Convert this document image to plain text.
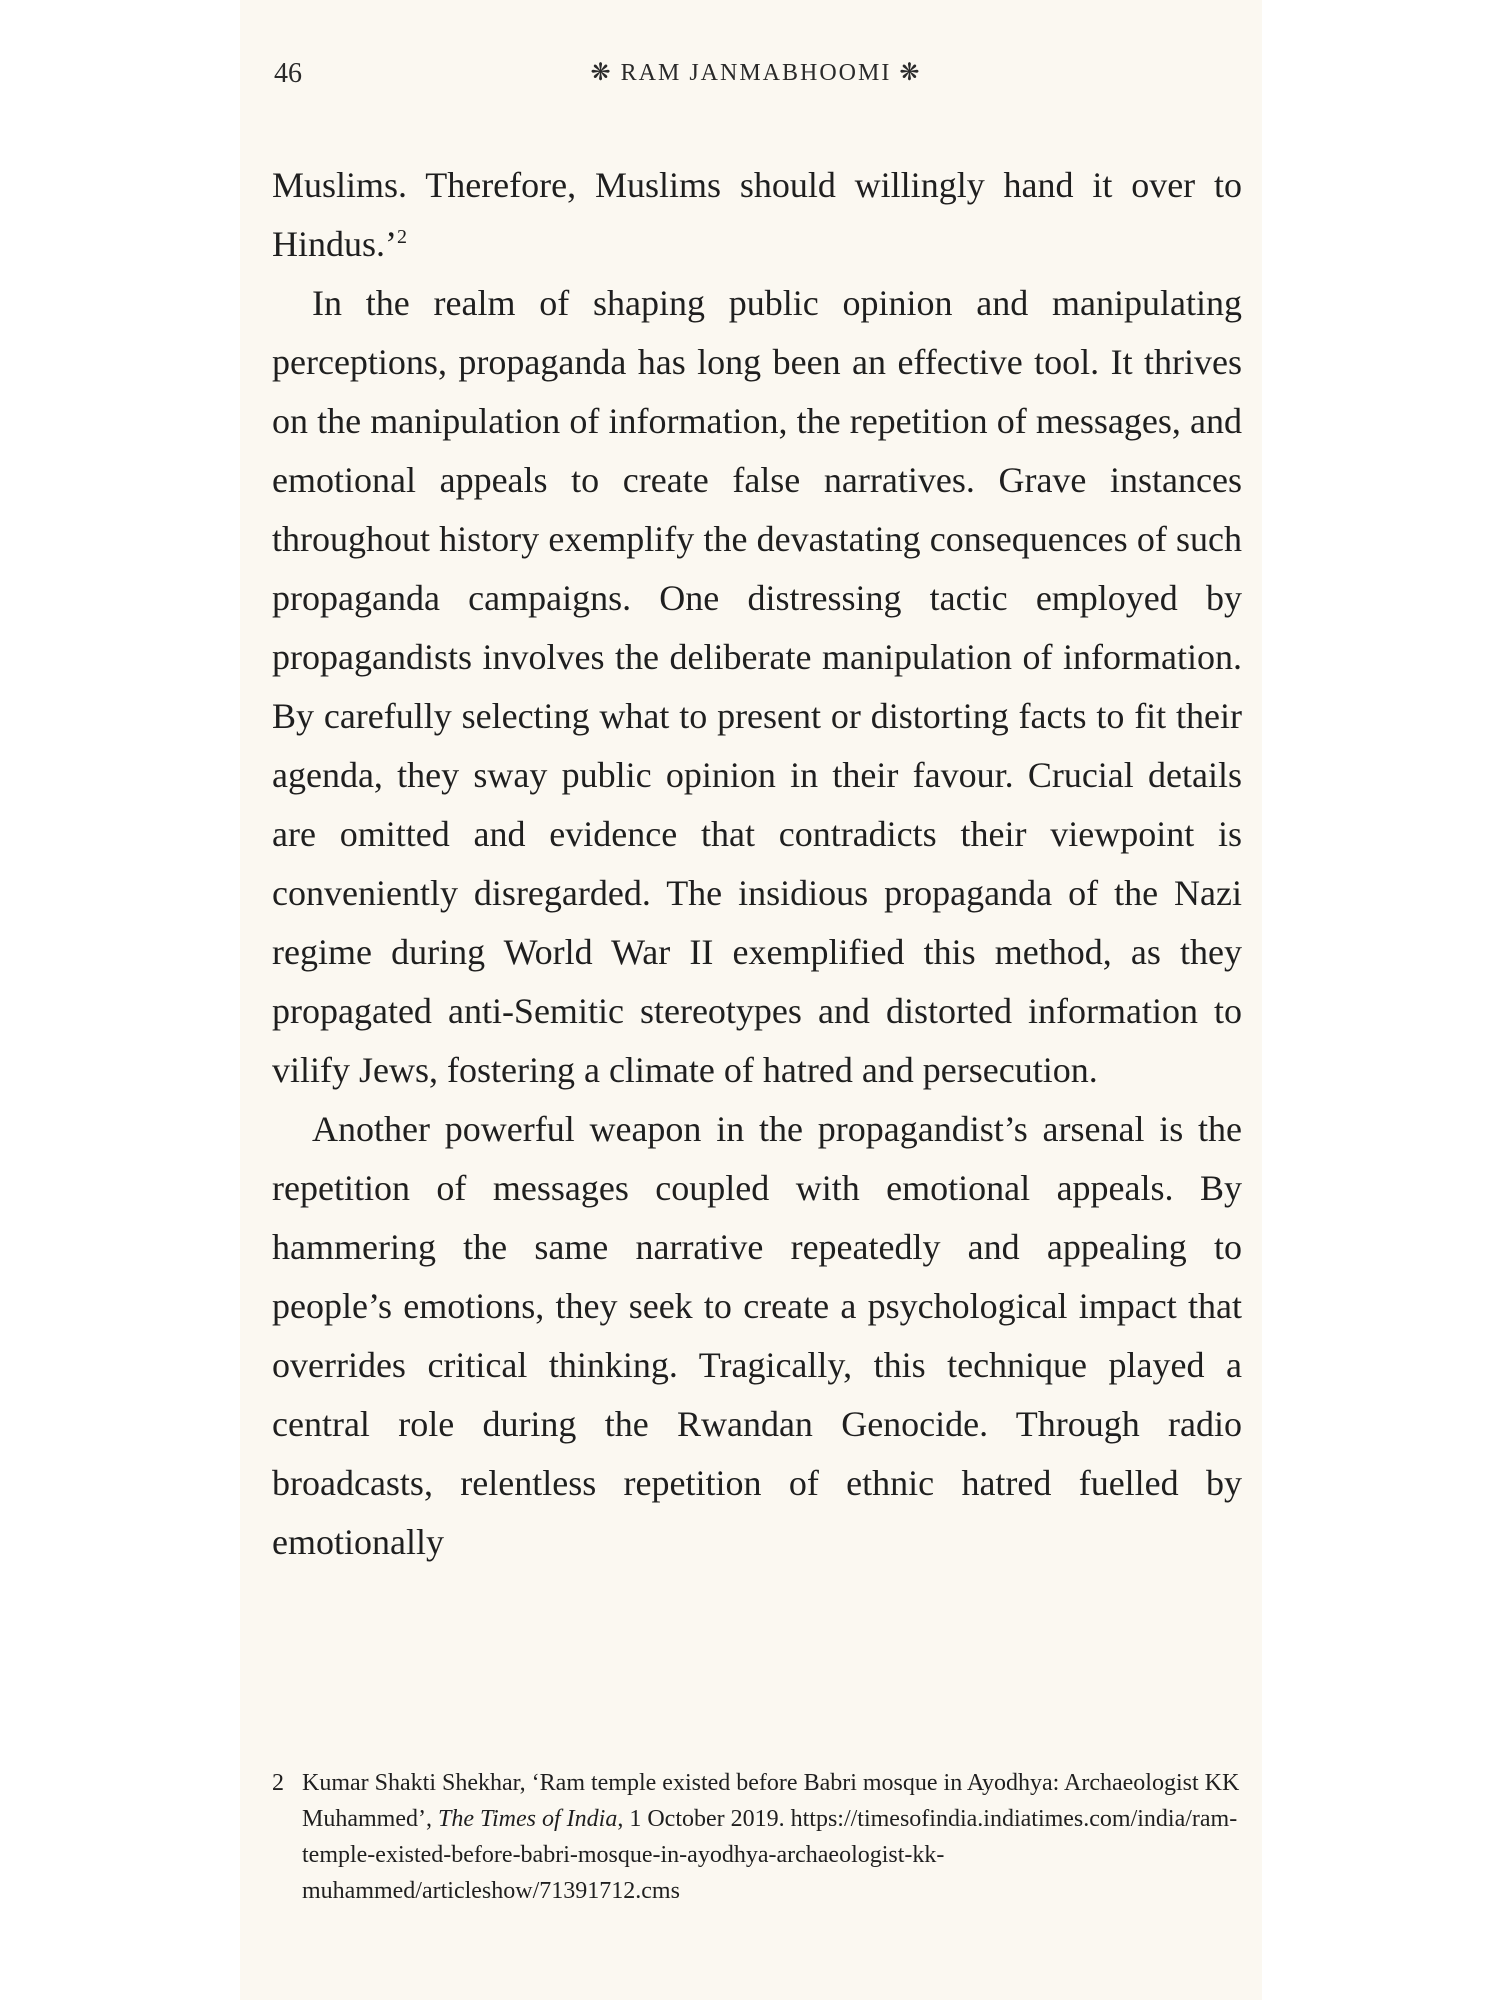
46	❋ RAM JANMABHOOMI ❋

Muslims. Therefore, Muslims should willingly hand it over to Hindus.’$^2$

In the realm of shaping public opinion and manipulating perceptions, propaganda has long been an effective tool. It thrives on the manipulation of information, the repetition of messages, and emotional appeals to create false narratives. Grave instances throughout history exemplify the devastating consequences of such propaganda campaigns. One distressing tactic employed by propagandists involves the deliberate manipulation of information. By carefully selecting what to present or distorting facts to fit their agenda, they sway public opinion in their favour. Crucial details are omitted and evidence that contradicts their viewpoint is conveniently disregarded. The insidious propaganda of the Nazi regime during World War II exemplified this method, as they propagated anti-Semitic stereotypes and distorted information to vilify Jews, fostering a climate of hatred and persecution.

Another powerful weapon in the propagandist’s arsenal is the repetition of messages coupled with emotional appeals. By hammering the same narrative repeatedly and appealing to people’s emotions, they seek to create a psychological impact that overrides critical thinking. Tragically, this technique played a central role during the Rwandan Genocide. Through radio broadcasts, relentless repetition of ethnic hatred fuelled by emotionally

2 Kumar Shakti Shekhar, ‘Ram temple existed before Babri mosque in Ayodhya: Archaeologist KK Muhammed’, The Times of India, 1 October 2019. https://timesofindia.indiatimes.com/india/ram-temple-existed-before-babri-mosque-in-ayodhya-archaeologist-kk-muhammed/articleshow/71391712.cms
